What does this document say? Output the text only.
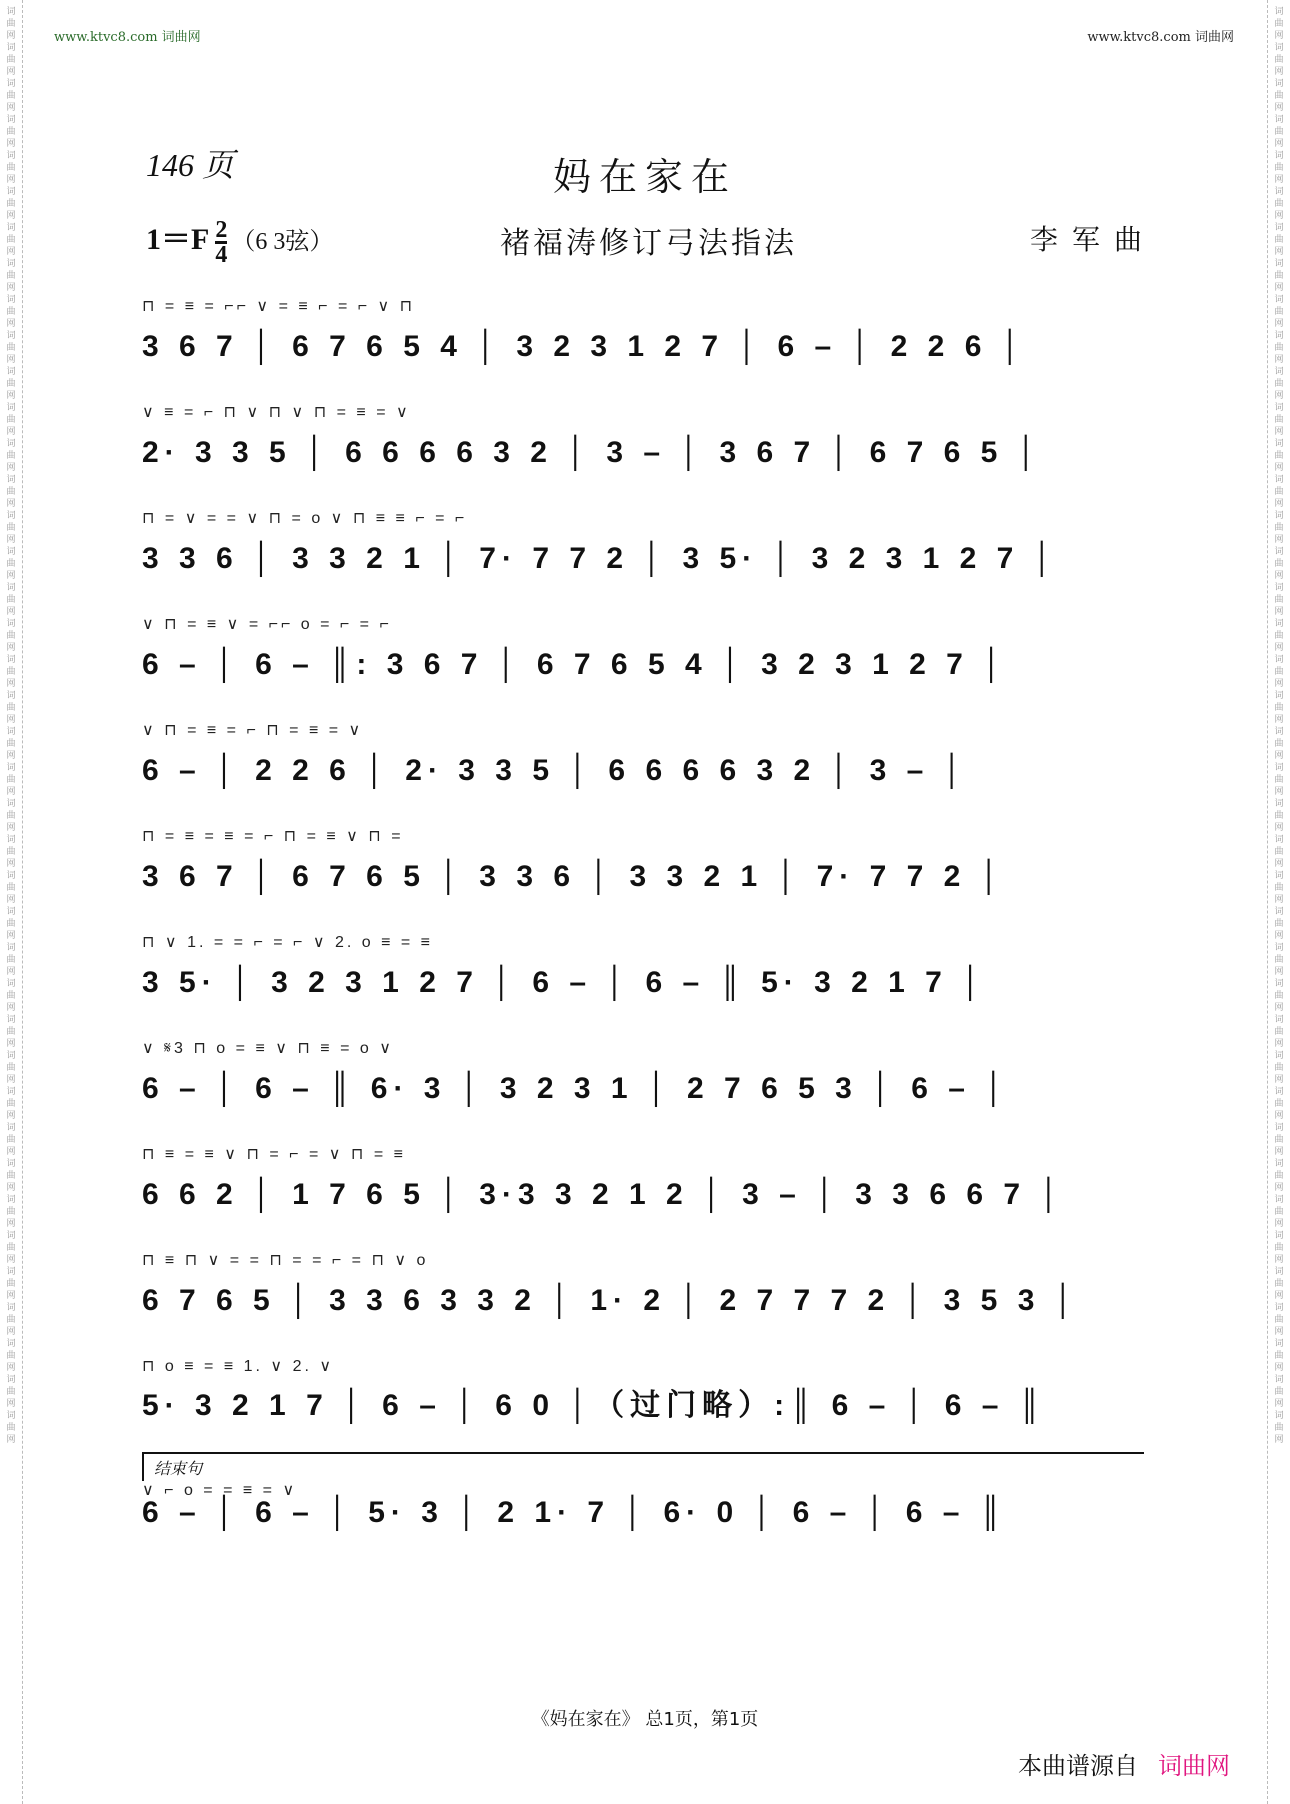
词曲网词曲网词曲网词曲网词曲网词曲网词曲网词曲网词曲网词曲网词曲网词曲网词曲网词曲网词曲网词曲网词曲网词曲网词曲网词曲网词曲网词曲网词曲网词曲网词曲网词曲网词曲网词曲网词曲网词曲网词曲网词曲网词曲网词曲网词曲网词曲网词曲网词曲网词曲网词曲网
词曲网词曲网词曲网词曲网词曲网词曲网词曲网词曲网词曲网词曲网词曲网词曲网词曲网词曲网词曲网词曲网词曲网词曲网词曲网词曲网词曲网词曲网词曲网词曲网词曲网词曲网词曲网词曲网词曲网词曲网词曲网词曲网词曲网词曲网词曲网词曲网词曲网词曲网词曲网词曲网
www.ktvc8.com 词曲网	www.ktvc8.com 词曲网
146 页	妈在家在
$1=F \frac{2}{4} (6$ 3弦）	褚福涛修订弓法指法	李军曲
⊓ = ≡ = ⌐⌐ ∨ = ≡ ⌐ = ⌐ ∨ ⊓
3 6 7 │ 6 7 6 5 4 │ 3 2 3 1 2 7 │ 6 – │ 2 2 6 │
∨ ≡ = ⌐ ⊓ ∨ ⊓ ∨ ⊓ = ≡ = ∨
2· 3 3 5 │ 6 6 6 6 3 2 │ 3 – │ 3 6 7 │ 6 7 6 5 │
⊓ = ∨ = = ∨ ⊓ = o ∨ ⊓ ≡ ≡ ⌐ = ⌐
3 3 6 │ 3 3 2 1 │ 7· 7 7 2 │ 3 5· │ 3 2 3 1 2 7 │
∨ ⊓ = ≡ ∨ = ⌐⌐ o = ⌐ = ⌐
6 – │ 6 – ║: 3 6 7 │ 6 7 6 5 4 │ 3 2 3 1 2 7 │
∨ ⊓ = ≡ = ⌐ ⊓ = ≡ = ∨
6 – │ 2 2 6 │ 2· 3 3 5 │ 6 6 6 6 3 2 │ 3 – │
⊓ = ≡ = ≡ = ⌐ ⊓ = ≡ ∨ ⊓ =
3 6 7 │ 6 7 6 5 │ 3 3 6 │ 3 3 2 1 │ 7· 7 7 2 │
⊓ ∨ 1. = = ⌐ = ⌐ ∨ 2. o ≡ = ≡
3 5· │ 3 2 3 1 2 7 │ 6 – │ 6 – ║ 5· 3 2 1 7 │
∨ 𝄋3 ⊓ o = ≡ ∨ ⊓ ≡ = o ∨
6 – │ 6 – ║ 6· 3 │ 3 2 3 1 │ 2 7 6 5 3 │ 6 – │
⊓ ≡ = ≡ ∨ ⊓ = ⌐ = ∨ ⊓ = ≡
6 6 2 │ 1 7 6 5 │ 3·3 3 2 1 2 │ 3 – │ 3 3 6 6 7 │
⊓ ≡ ⊓ ∨ = = ⊓ = = ⌐ = ⊓ ∨ o
6 7 6 5 │ 3 3 6 3 3 2 │ 1· 2 │ 2 7 7 7 2 │ 3 5 3 │
⊓ o ≡ = ≡ 1. ∨ 2. ∨
5· 3 2 1 7 │ 6 – │ 6 0 │（过门略）:║ 6 – │ 6 – ║
结束句
∨ ⌐ o = = ≡ = ∨
6 – │ 6 – │ 5· 3 │ 2 1· 7 │ 6· 0 │ 6 – │ 6 – ║
《妈在家在》 总1页，第1页
本曲谱源自 词曲网
